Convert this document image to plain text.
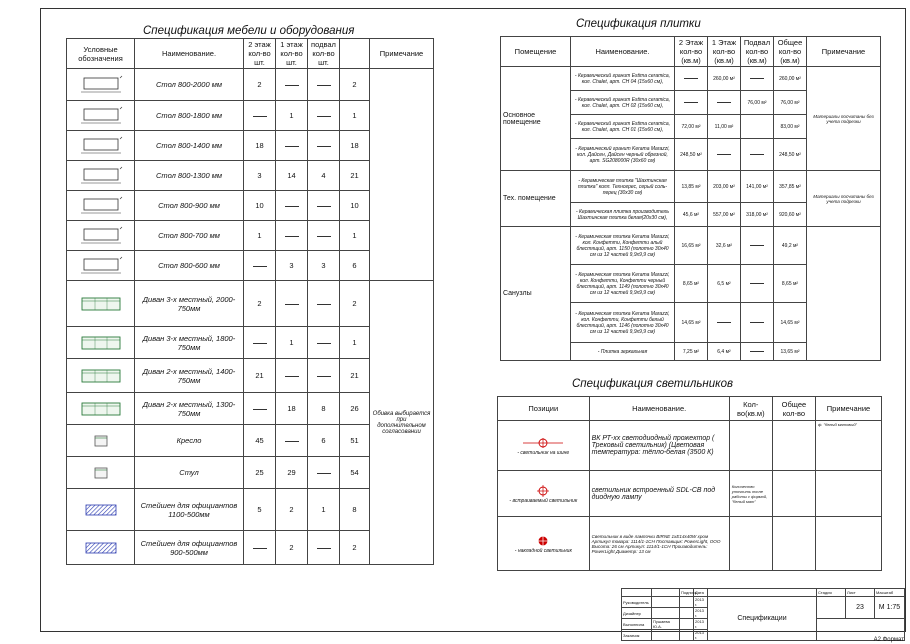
Спецификация мебели и оборудования
Условные обозначения	Наименование.	2 этаж кол-во шт.	1 этаж кол-во шт.	подвал кол-во шт.		Примечание

	Стол 800-2000 мм	2			2	

	Стол 800-1800 мм		1		1	

	Стол 800-1400 мм	18			18	

	Стол 800-1300 мм	3	14	4	21	

	Стол 800-900 мм	10			10	

	Стол 800-700 мм	1			1	

	Стол 800-600 мм		3	3	6	

	Диван 3-х местный, 2000-750мм	2			2	Обивка выбирается при дополнительном согласовании

	Диван 3-х местный, 1800-750мм		1		1	

	Диван 2-х местный, 1400-750мм	21			21	

	Диван 2-х местный, 1300-750мм		18	8	26	

	Кресло	45		6	51	

	Стул	25	29		54	

	Стейшен для официантов 1100-500мм	5	2	1	8	

	Стейшен для официантов 900-500мм		2		2	
Спецификация плитки
Помещение	Наименование.	2 Этаж кол-во (кв.м)	1 Этаж кол-во (кв.м)	Подвал кол-во (кв.м)	Общее кол-во (кв.м)	Примечание
Основное помещение	- Керамический гранит Estima ceramica, кол. Chalet, арт. CH 04 (15х60 см),		260,00 м²		260,00 м²	Материалы посчитаны без учета подрезки
	- Керамический гранит Estima ceramica, кол. Chalet, арт. CH 02 (15х60 см),			76,00 м²	76,00 м²	
	- Керамический гранит Estima ceramica, кол. Chalet, арт. CH 01 (15х60 см),	72,00 м²	11,00 м²		83,00 м²	
	- Керамический гранит Kerama Marazzi, кол. Дайсен, Дайсен черный обрезной, арт. SG208000R (30х60 см)	248,50 м²			248,50 м²	
Тех. помещение	- Керамическая плитка "Шахтинская плитка" колл. Техногрес, серый соль-перец (30х30 см)	13,85 м²	203,00 м²	141,00 м²	357,85 м²	Материалы посчитаны без учета подрезки
	- Керамическая плитка производитель Шахтинская плитка белая(20х30 см),	45,6 м²	557,00 м²	318,00 м²	920,60 м²	
Санузлы	- Керамическая плитка Kerama Marazzi, кол. Конфетти, Конфетти алый блестящий, арт. 1150 (полотно 30х40 см из 12 частей 9,9х9,9 см)	16,65 м²	32,6 м²		49,2 м²	
	- Керамическая плитка Kerama Marazzi, кол. Конфетти, Конфетти черный блестящий, арт. 1149 (полотно 30х40 см из 12 частей 9,9х9,9 см)	8,65 м²	6,5 м²		8,65 м²	
	- Керамическая плитка Kerama Marazzi, кол. Конфетти, Конфетти белый блестящий, арт. 1146 (полотно 30х40 см из 12 частей 9,9х9,9 см)	14,65 м²			14,65 м²	
	- Плитка зеркальная	7,25 м²	6,4 м²		13,65 м²	
Спецификация светильников
Позиции	Наименование.	Кол-во(кв.м)	Общее кол-во	Примечание

- светильник на шине	ВК РТ-хх светодиодный прожектор ( Трековый светильник) (Цветовая температура: тёпло-белая (3500 К)			ф. "белый матовый"

- встраиваемый светильник	светильник встроенный SDL-CB под диодную лампу	Количество уточнить после работы с фирмой, "белый мат"		

- накладной светильник	Светильник в виде лампочки BIRNE 1xE14x40W хром Артикул товара: 1114/1-1CH Поставщик: PowerLight, OOO Высота: 26 см Артикул: 1114/1-1CH Производитель: PowerLight Диаметр: 13 см			
		Подпись	Дата		Стадия	Лист	Масштаб
Руководитель			2013 г.	Спецификации		23	М 1:75
Дизайнер			2013 г.				
Выполнила	Пушаева Ю.А.		2013 г.				
Заказчик			2013 г.					А2 Формат
